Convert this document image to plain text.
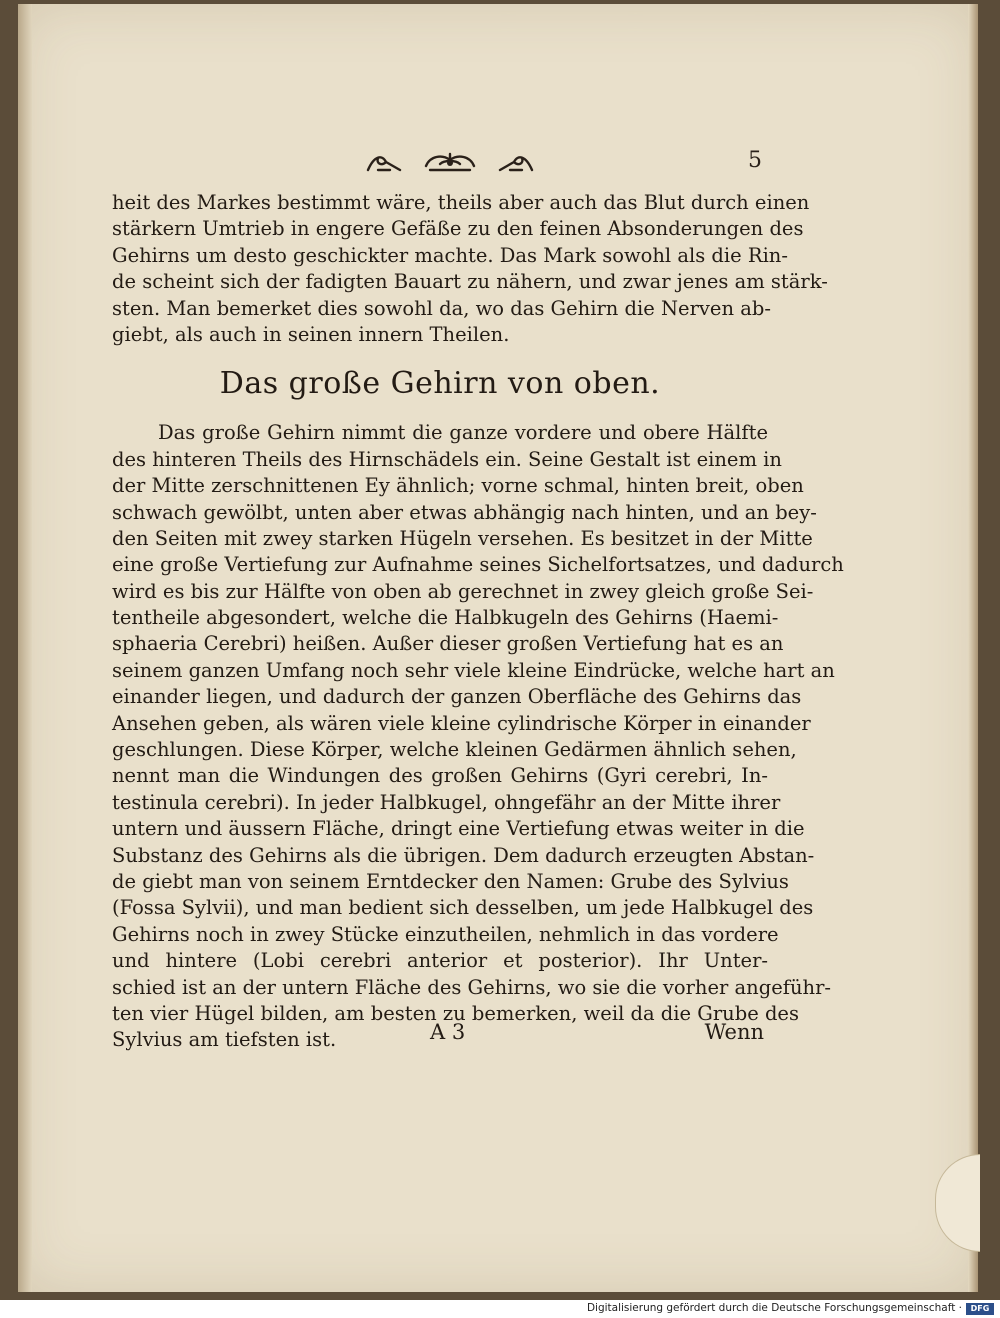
5
heit des Markes bestimmt wäre, theils aber auch das Blut durch einen
stärkern Umtrieb in engere Gefäße zu den feinen Absonderungen des
Gehirns um desto geschickter machte. Das Mark sowohl als die Rin-
de scheint sich der fadigten Bauart zu nähern, und zwar jenes am stärk-
sten. Man bemerket dies sowohl da, wo das Gehirn die Nerven ab-
giebt, als auch in seinen innern Theilen.
Das große Gehirn von oben.
Das große Gehirn nimmt die ganze vordere und obere Hälfte
des hinteren Theils des Hirnschädels ein. Seine Gestalt ist einem in
der Mitte zerschnittenen Ey ähnlich; vorne schmal, hinten breit, oben
schwach gewölbt, unten aber etwas abhängig nach hinten, und an bey-
den Seiten mit zwey starken Hügeln versehen. Es besitzet in der Mitte
eine große Vertiefung zur Aufnahme seines Sichelfortsatzes, und dadurch
wird es bis zur Hälfte von oben ab gerechnet in zwey gleich große Sei-
tentheile abgesondert, welche die Halbkugeln des Gehirns (Haemi-
sphaeria Cerebri) heißen. Außer dieser großen Vertiefung hat es an
seinem ganzen Umfang noch sehr viele kleine Eindrücke, welche hart an
einander liegen, und dadurch der ganzen Oberfläche des Gehirns das
Ansehen geben, als wären viele kleine cylindrische Körper in einander
geschlungen. Diese Körper, welche kleinen Gedärmen ähnlich sehen,
nennt man die Windungen des großen Gehirns (Gyri cerebri, In-
testinula cerebri). In jeder Halbkugel, ohngefähr an der Mitte ihrer
untern und äussern Fläche, dringt eine Vertiefung etwas weiter in die
Substanz des Gehirns als die übrigen. Dem dadurch erzeugten Abstan-
de giebt man von seinem Erntdecker den Namen: Grube des Sylvius
(Fossa Sylvii), und man bedient sich desselben, um jede Halbkugel des
Gehirns noch in zwey Stücke einzutheilen, nehmlich in das vordere
und hintere (Lobi cerebri anterior et posterior). Ihr Unter-
schied ist an der untern Fläche des Gehirns, wo sie die vorher angeführ-
ten vier Hügel bilden, am besten zu bemerken, weil da die Grube des
Sylvius am tiefsten ist.	A 3	Wenn
Digitalisierung gefördert durch die Deutsche Forschungsgemeinschaft ·	DFG
